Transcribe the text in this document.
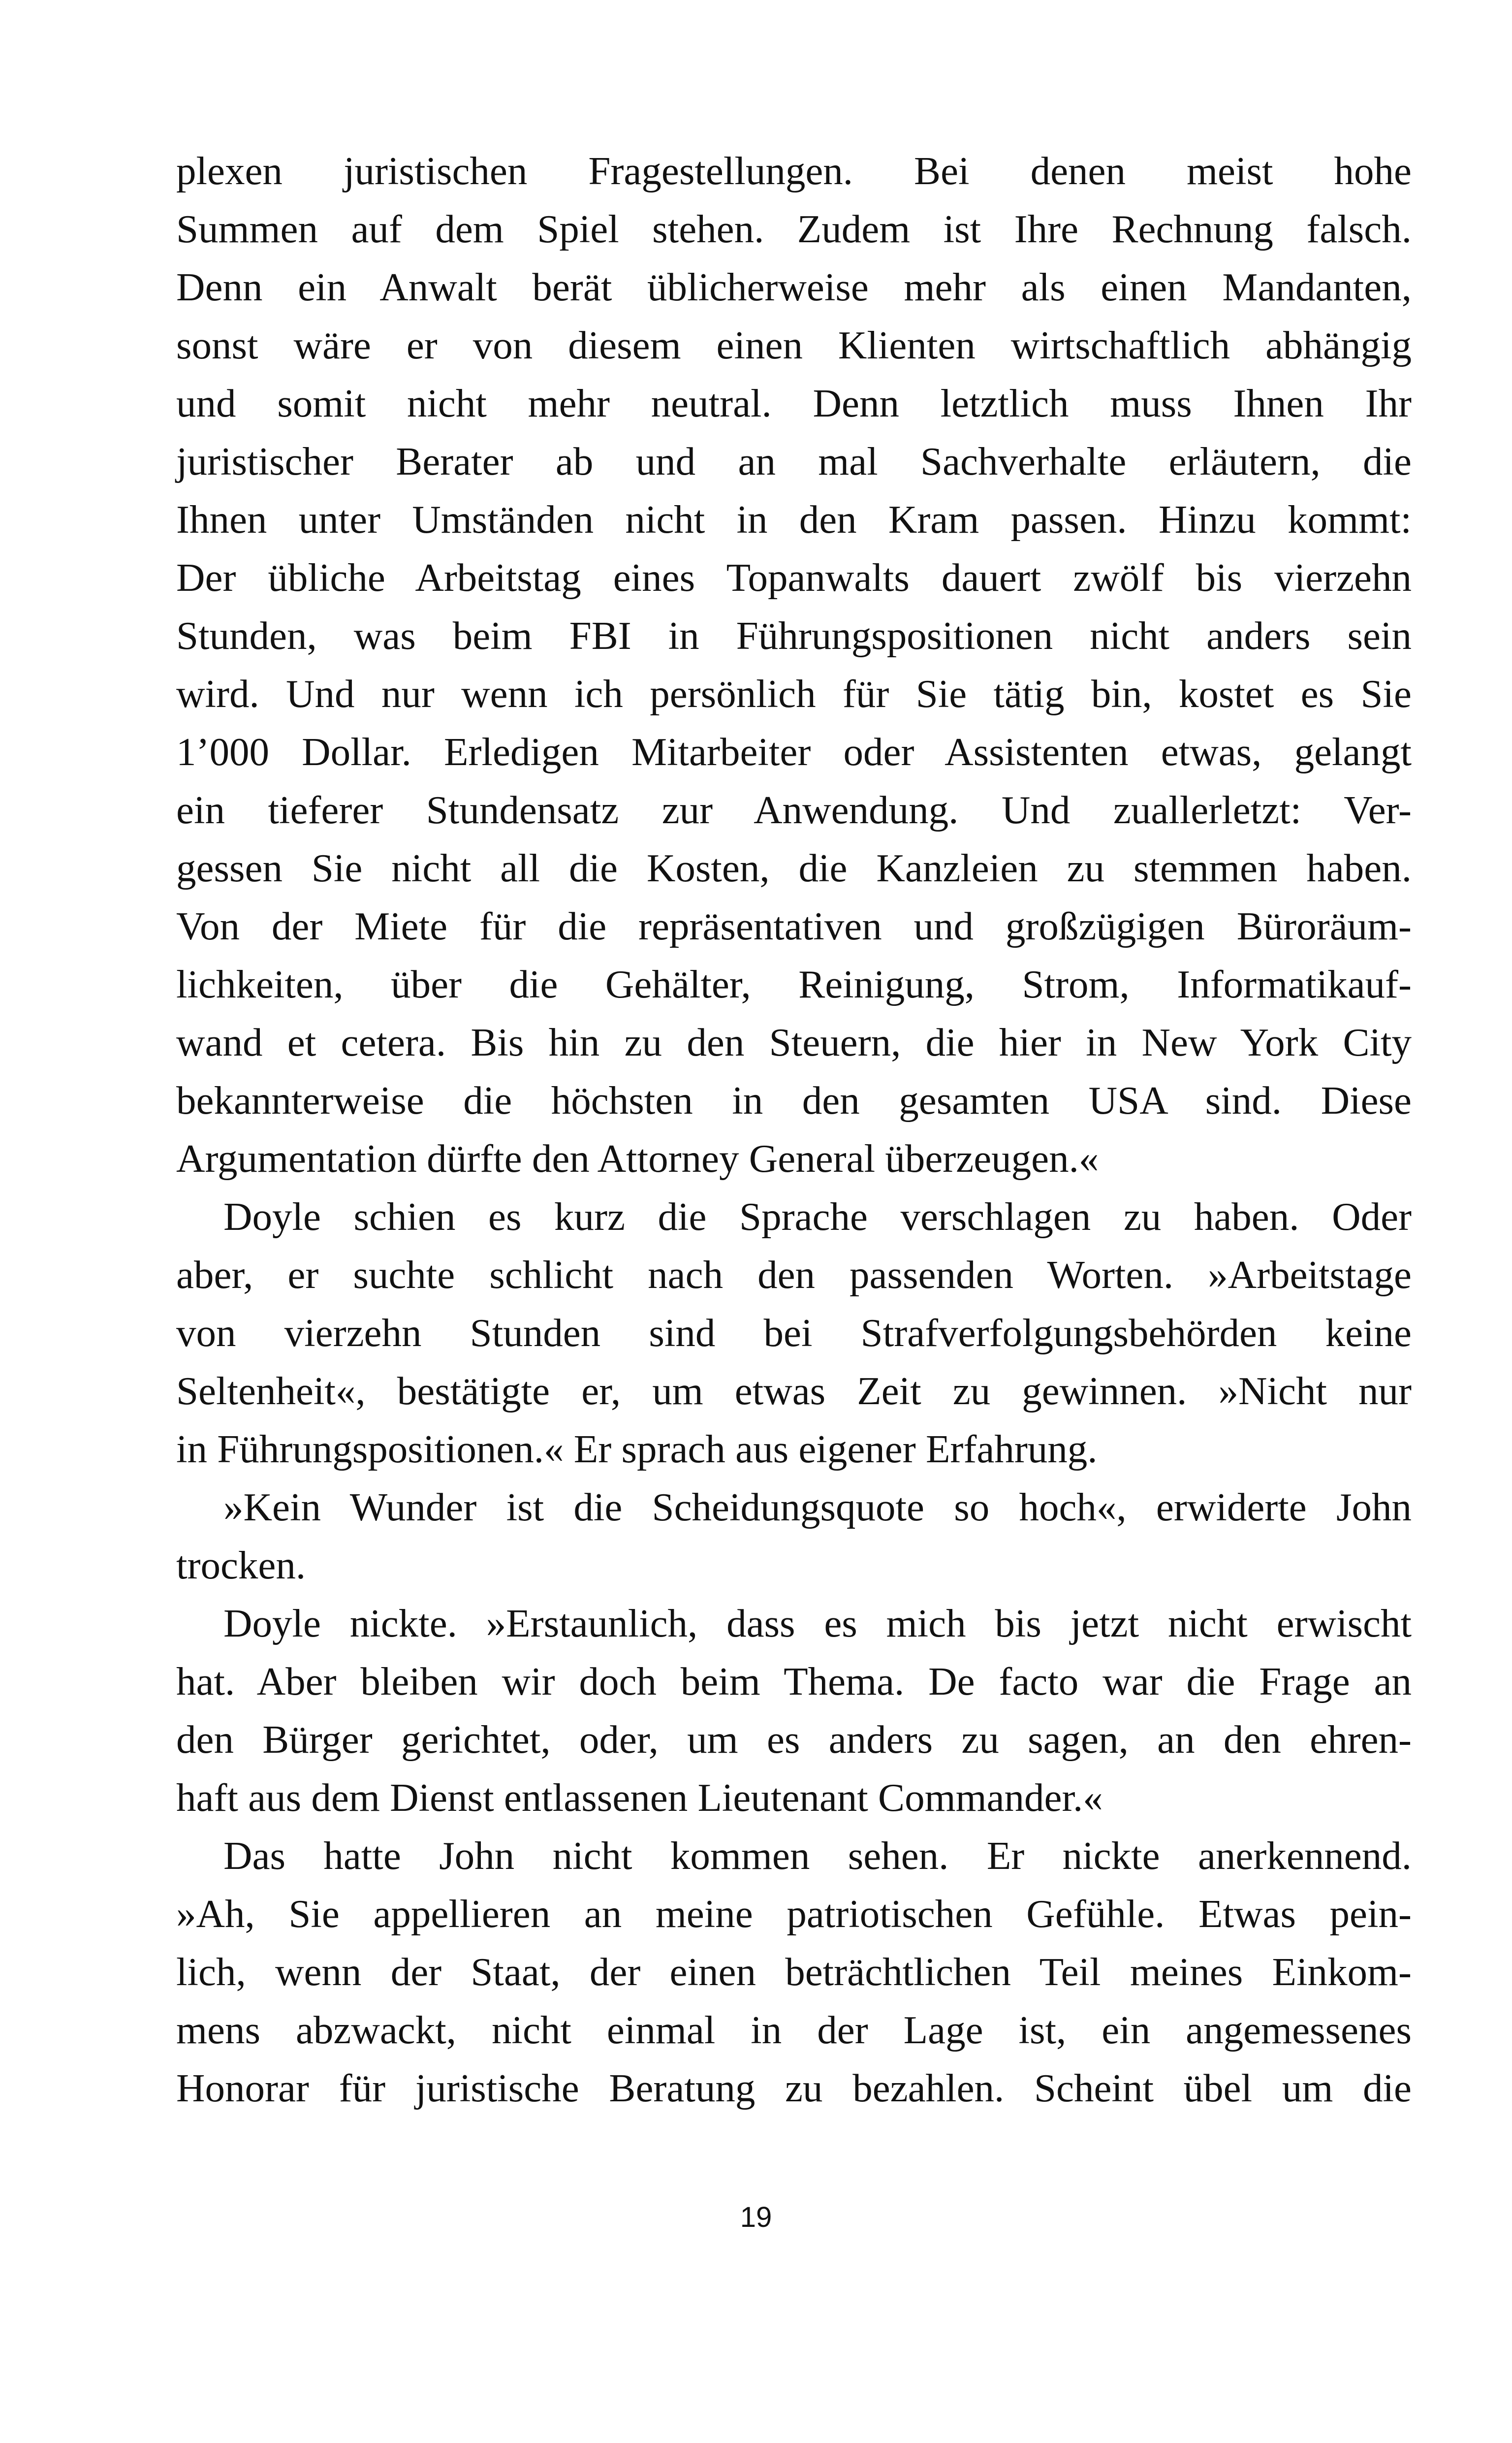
plexen juristischen Fragestellungen. Bei denen meist hohe
Summen auf dem Spiel stehen. Zudem ist Ihre Rechnung falsch.
Denn ein Anwalt berät üblicherweise mehr als einen Mandanten,
sonst wäre er von diesem einen Klienten wirtschaftlich abhängig
und somit nicht mehr neutral. Denn letztlich muss Ihnen Ihr
juristischer Berater ab und an mal Sachverhalte erläutern, die
Ihnen unter Umständen nicht in den Kram passen. Hinzu kommt:
Der übliche Arbeitstag eines Topanwalts dauert zwölf bis vierzehn
Stunden, was beim FBI in Führungspositionen nicht anders sein
wird. Und nur wenn ich persönlich für Sie tätig bin, kostet es Sie
1’000 Dollar. Erledigen Mitarbeiter oder Assistenten etwas, gelangt
ein tieferer Stundensatz zur Anwendung. Und zuallerletzt: Ver-
gessen Sie nicht all die Kosten, die Kanzleien zu stemmen haben.
Von der Miete für die repräsentativen und großzügigen Büroräum-
lichkeiten, über die Gehälter, Reinigung, Strom, Informatikauf-
wand et cetera. Bis hin zu den Steuern, die hier in New York City
bekannterweise die höchsten in den gesamten USA sind. Diese
Argumentation dürfte den Attorney General überzeugen.«
Doyle schien es kurz die Sprache verschlagen zu haben. Oder
aber, er suchte schlicht nach den passenden Worten. »Arbeitstage
von vierzehn Stunden sind bei Strafverfolgungsbehörden keine
Seltenheit«, bestätigte er, um etwas Zeit zu gewinnen. »Nicht nur
in Führungspositionen.« Er sprach aus eigener Erfahrung.
»Kein Wunder ist die Scheidungsquote so hoch«, erwiderte John
trocken.
Doyle nickte. »Erstaunlich, dass es mich bis jetzt nicht erwischt
hat. Aber bleiben wir doch beim Thema. De facto war die Frage an
den Bürger gerichtet, oder, um es anders zu sagen, an den ehren-
haft aus dem Dienst entlassenen Lieutenant Commander.«
Das hatte John nicht kommen sehen. Er nickte anerkennend.
»Ah, Sie appellieren an meine patriotischen Gefühle. Etwas pein-
lich, wenn der Staat, der einen beträchtlichen Teil meines Einkom-
mens abzwackt, nicht einmal in der Lage ist, ein angemessenes
Honorar für juristische Beratung zu bezahlen. Scheint übel um die
19
